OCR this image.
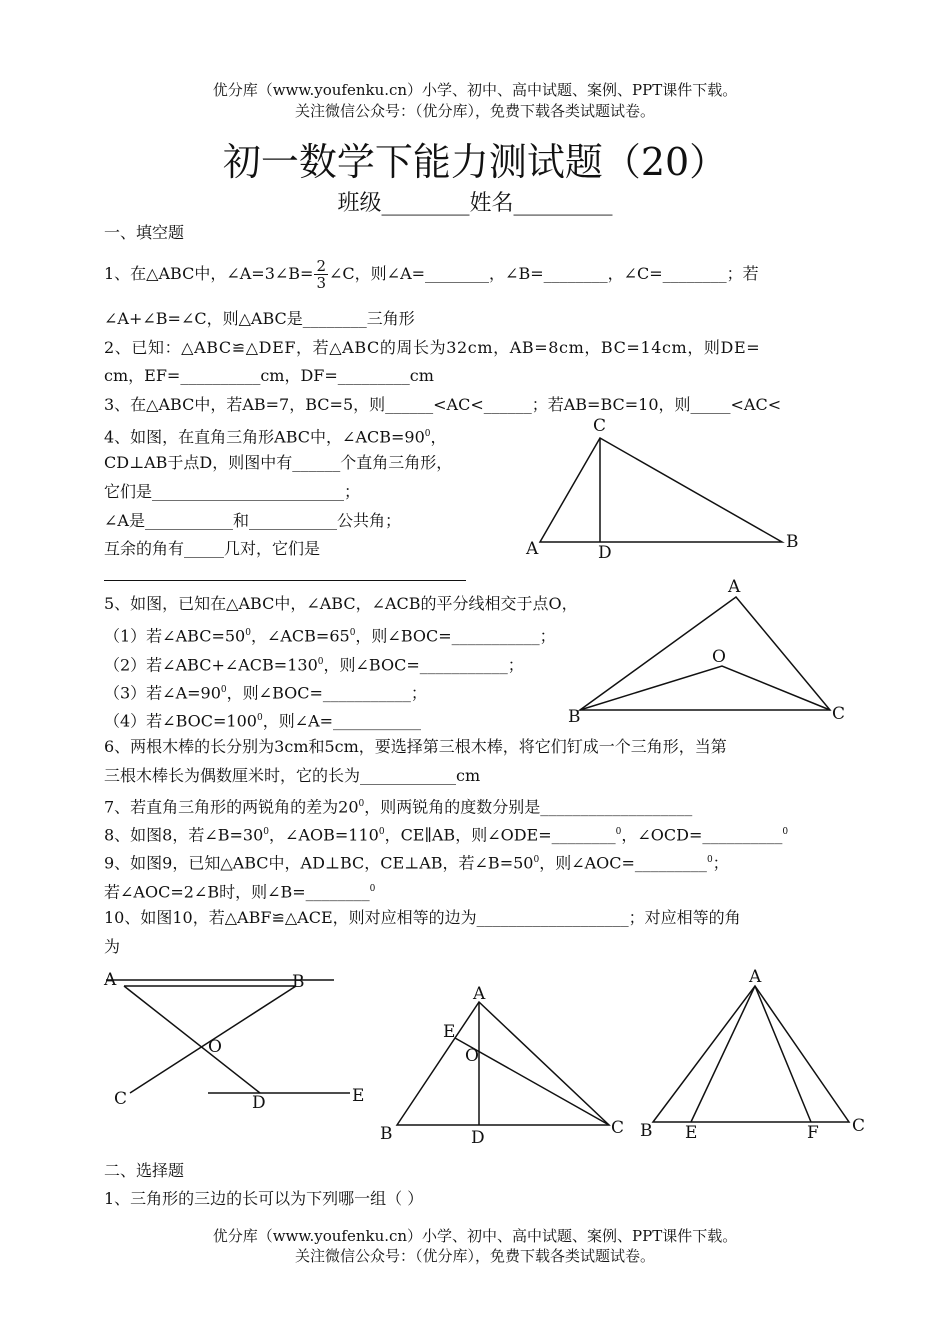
优分库（www.youfenku.cn）小学、初中、高中试题、案例、PPT课件下载。
关注微信公众号：（优分库），免费下载各类试题试卷。
初一数学下能力测试题（20）
班级________姓名_________
一、填空题
1、在△ABC中，∠A=3∠B= $\frac{2}{3}$ ∠C，则∠A=________，∠B=________，∠C=________；若
∠A+∠B=∠C，则△ABC是________三角形
2、已知：△ABC≌△DEF，若△ABC的周长为32cm，AB=8cm，BC=14cm，则DE=
cm，EF=__________cm，DF=_________cm
3、在△ABC中，若AB=7，BC=5，则______<AC<______；若AB=BC=10，则_____<AC<
4、如图，在直角三角形ABC中，$\angle ACB=90^0$，
CD⊥AB于点D，则图中有______个直角三角形，
它们是________________________；
∠A是___________和___________公共角；
互余的角有_____几对，它们是
C
A	D
B
5、如图，已知在△ABC中，∠ABC，∠ACB的平分线相交于点O，
（1）若$\angle ABC=50^0$，$\angle ACB=65^0$，则∠BOC=___________；
（2）若$\angle ABC+\angle ACB=130^0$，则∠BOC=___________；
（3）若$\angle A=90^0$，则∠BOC=___________；
（4）若$\angle BOC=100^0$，则∠A=___________
A
O
B	C
6、两根木棒的长分别为3cm和5cm，要选择第三根木棒，将它们钉成一个三角形，当第
三根木棒长为偶数厘米时，它的长为____________cm
7、若直角三角形的两锐角的差为$20^0$，则两锐角的度数分别是___________________
8、如图8，若$\angle B=30^0$，$\angle AOB=110^0$，CE∥AB，则∠ODE=________$^0$，∠OCD=__________$^0$
9、如图9，已知△ABC中，AD⊥BC，CE⊥AB，若$\angle B=50^0$，则∠AOC=_________$^0$；
若∠AOC=2∠B时，则∠B=________$^0$
10、如图10，若△ABF≌△ACE，则对应相等的边为___________________；对应相等的角
为
A	B
O
C	D	E
A
E
O
B	D	C
A
B E	F C
二、选择题
1、三角形的三边的长可以为下列哪一组（ ）
优分库（www.youfenku.cn）小学、初中、高中试题、案例、PPT课件下载。
关注微信公众号：（优分库），免费下载各类试题试卷。
